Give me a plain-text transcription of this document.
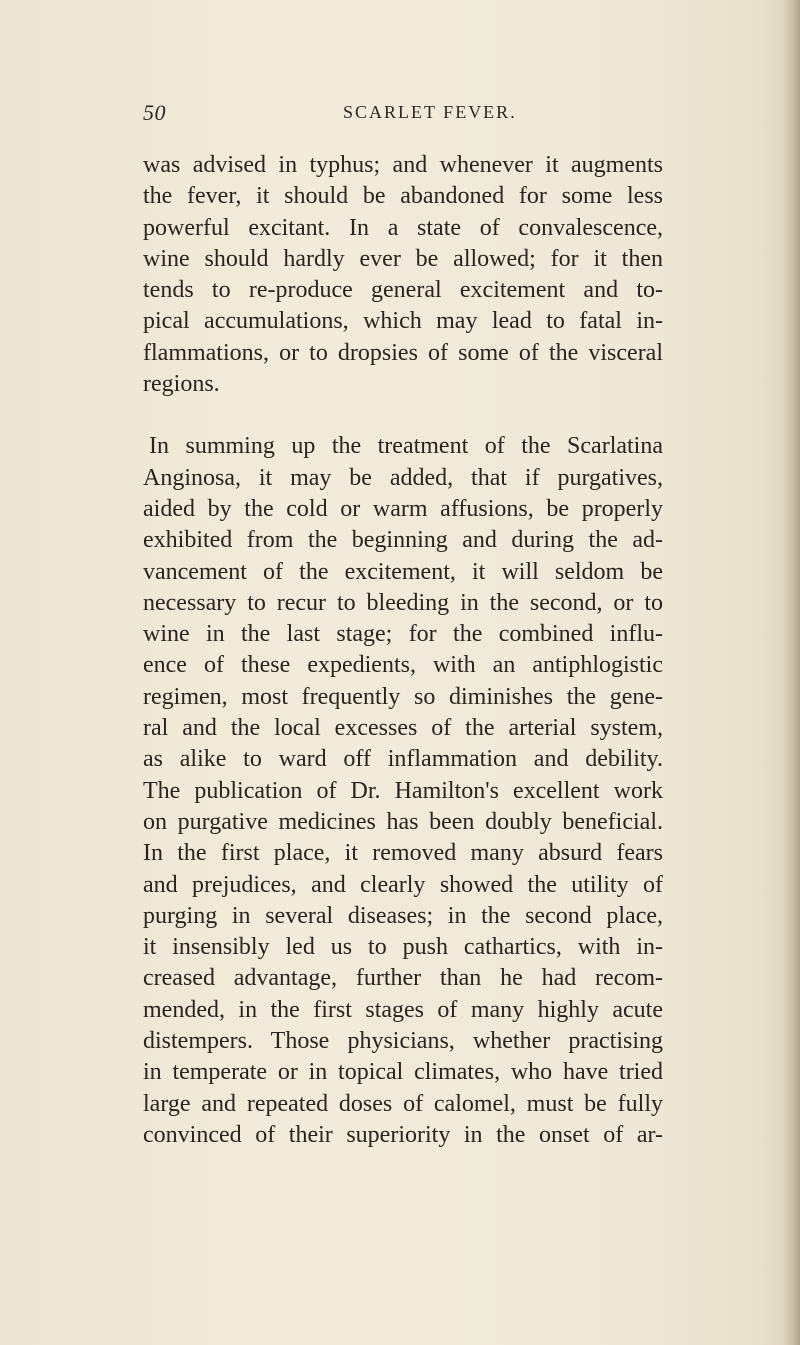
50	SCARLET FEVER.
was advised in typhus; and whenever it augments
the fever, it should be abandoned for some less
powerful excitant. In a state of convalescence,
wine should hardly ever be allowed; for it then
tends to re-produce general excitement and to-
pical accumulations, which may lead to fatal in-
flammations, or to dropsies of some of the visceral
regions.
In summing up the treatment of the Scarlatina
Anginosa, it may be added, that if purgatives,
aided by the cold or warm affusions, be properly
exhibited from the beginning and during the ad-
vancement of the excitement, it will seldom be
necessary to recur to bleeding in the second, or to
wine in the last stage; for the combined influ-
ence of these expedients, with an antiphlogistic
regimen, most frequently so diminishes the gene-
ral and the local excesses of the arterial system,
as alike to ward off inflammation and debility.
The publication of Dr. Hamilton's excellent work
on purgative medicines has been doubly beneficial.
In the first place, it removed many absurd fears
and prejudices, and clearly showed the utility of
purging in several diseases; in the second place,
it insensibly led us to push cathartics, with in-
creased advantage, further than he had recom-
mended, in the first stages of many highly acute
distempers. Those physicians, whether practising
in temperate or in topical climates, who have tried
large and repeated doses of calomel, must be fully
convinced of their superiority in the onset of ar-
